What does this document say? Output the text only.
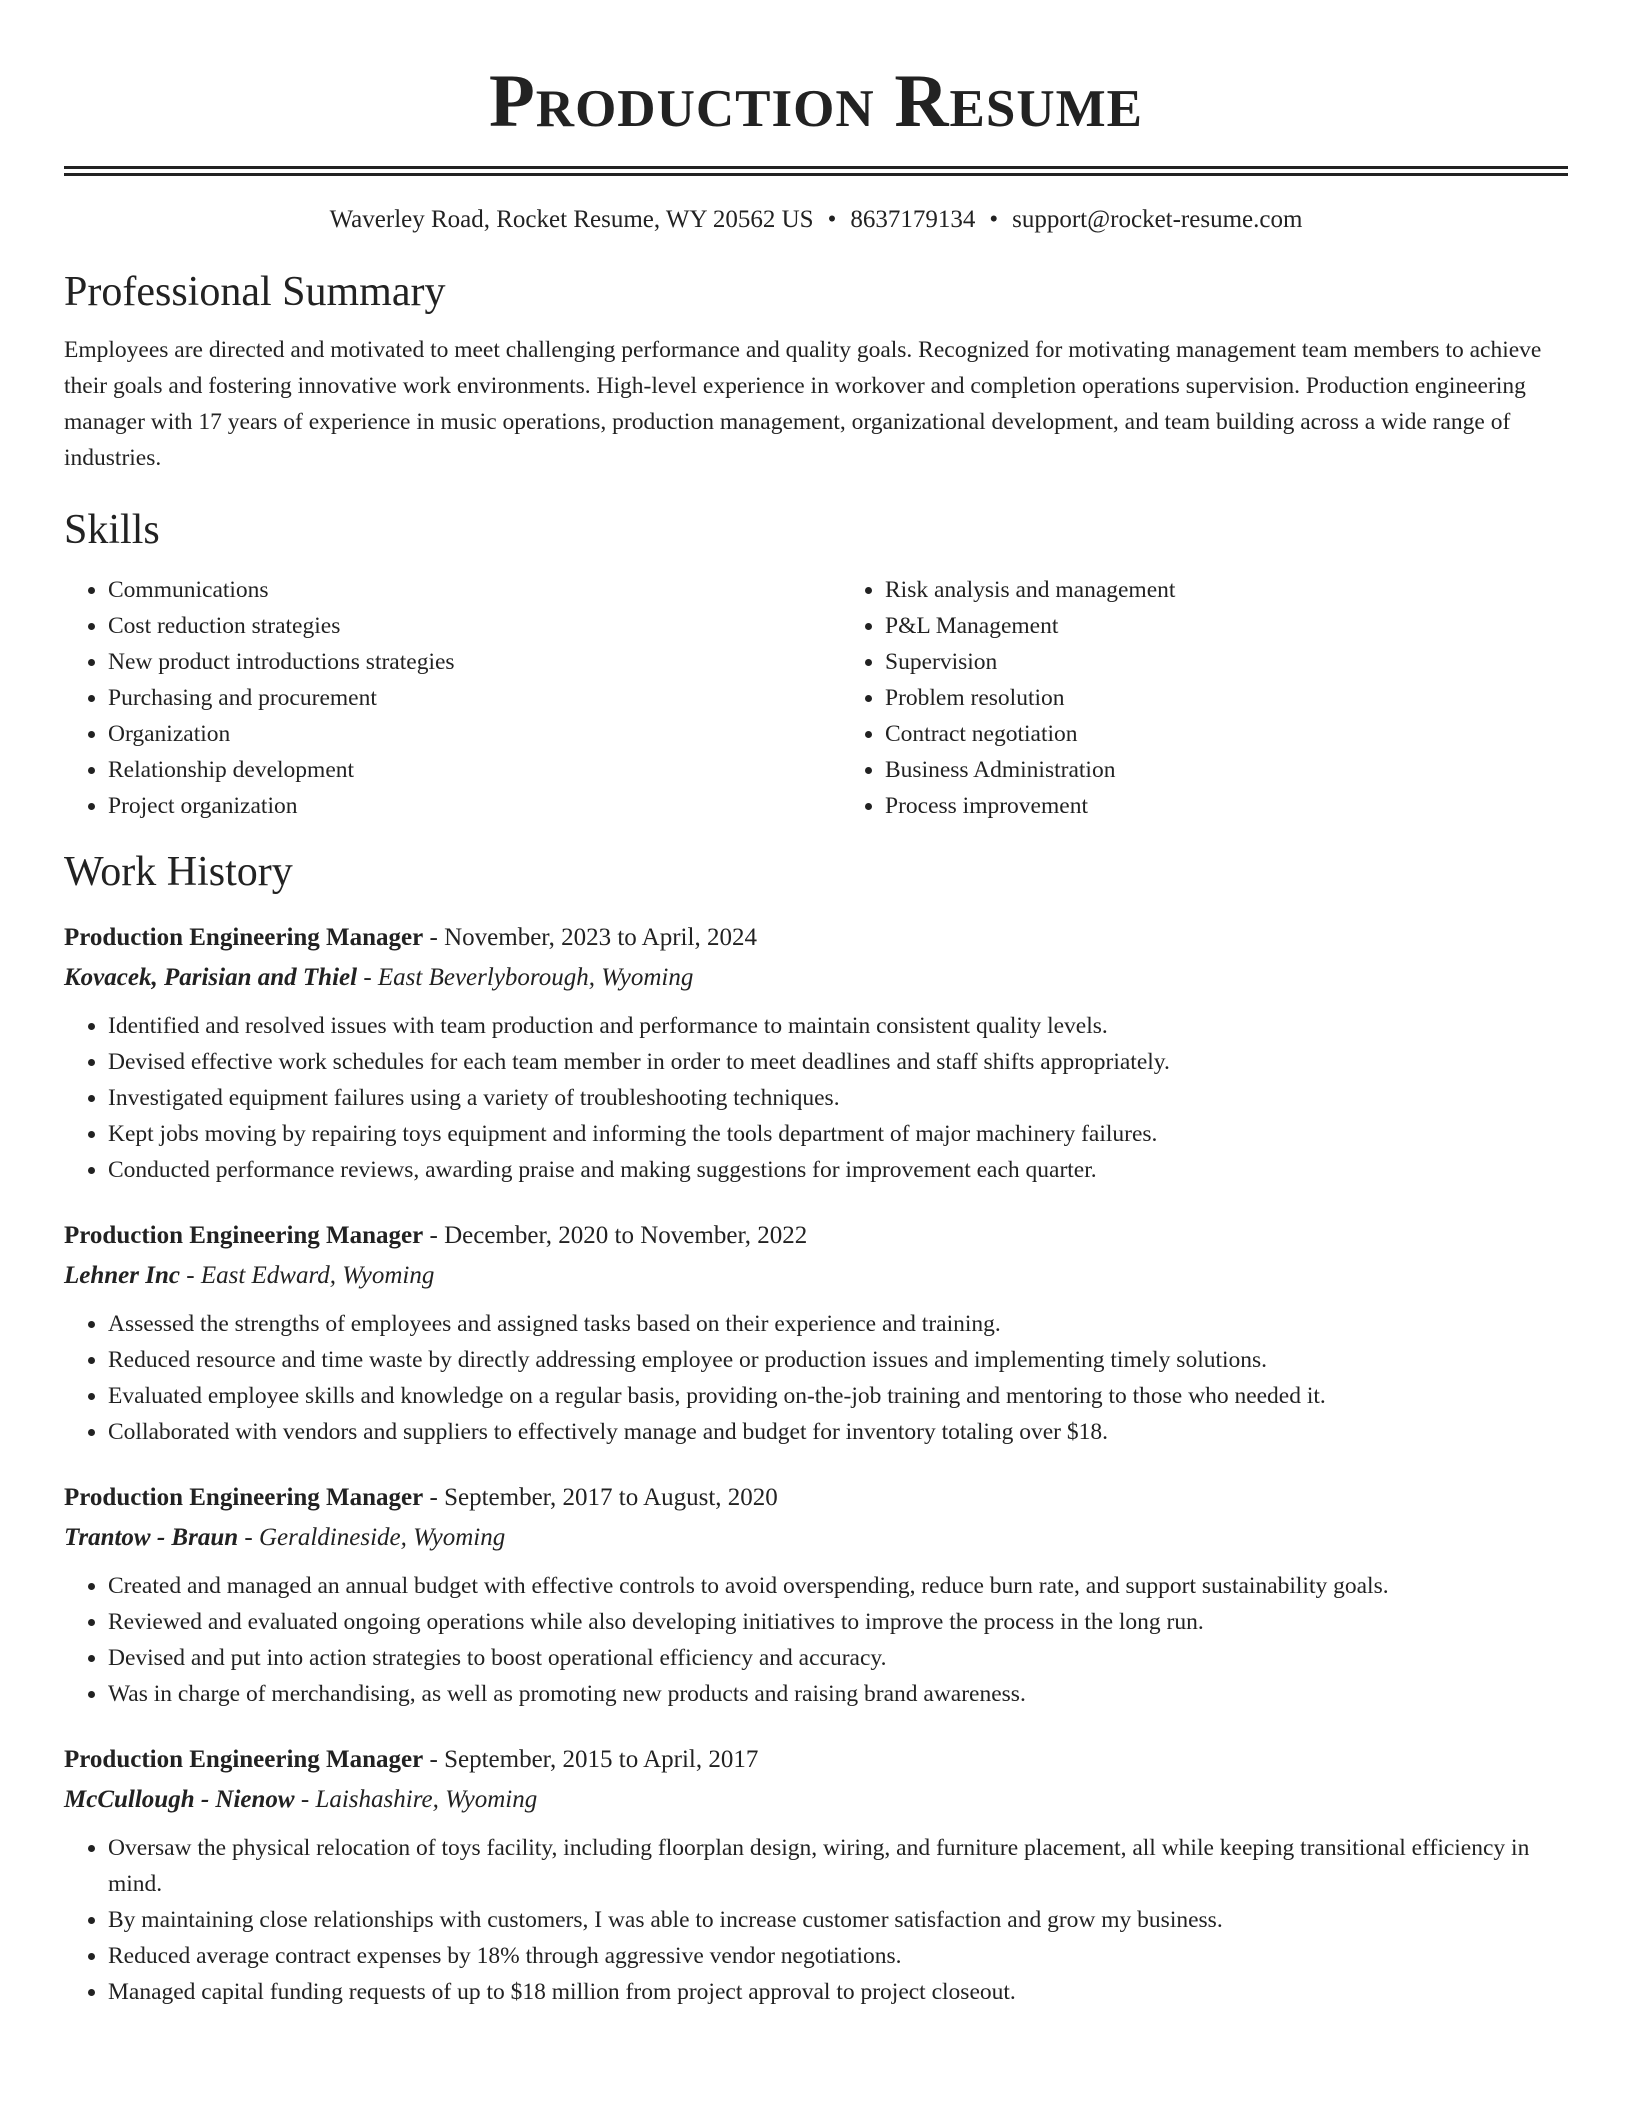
Production Resume
Waverley Road, Rocket Resume, WY 20562 US • 8637179134 • support@rocket-resume.com
Professional Summary

Employees are directed and motivated to meet challenging performance and quality goals. Recognized for motivating management team members to achieve their goals and fostering innovative work environments. High-level experience in workover and completion operations supervision. Production engineering manager with 17 years of experience in music operations, production management, organizational development, and team building across a wide range of industries.

Skills
• Communications
• Cost reduction strategies
• New product introductions strategies
• Purchasing and procurement
• Organization
• Relationship development
• Project organization
• Risk analysis and management
• P&L Management
• Supervision
• Problem resolution
• Contract negotiation
• Business Administration
• Process improvement
Work History
Production Engineering Manager - November, 2023 to April, 2024
Kovacek, Parisian and Thiel - East Beverlyborough, Wyoming
• Identified and resolved issues with team production and performance to maintain consistent quality levels.
• Devised effective work schedules for each team member in order to meet deadlines and staff shifts appropriately.
• Investigated equipment failures using a variety of troubleshooting techniques.
• Kept jobs moving by repairing toys equipment and informing the tools department of major machinery failures.
• Conducted performance reviews, awarding praise and making suggestions for improvement each quarter.
Production Engineering Manager - December, 2020 to November, 2022
Lehner Inc - East Edward, Wyoming
• Assessed the strengths of employees and assigned tasks based on their experience and training.
• Reduced resource and time waste by directly addressing employee or production issues and implementing timely solutions.
• Evaluated employee skills and knowledge on a regular basis, providing on-the-job training and mentoring to those who needed it.
• Collaborated with vendors and suppliers to effectively manage and budget for inventory totaling over $18.
Production Engineering Manager - September, 2017 to August, 2020
Trantow - Braun - Geraldineside, Wyoming
• Created and managed an annual budget with effective controls to avoid overspending, reduce burn rate, and support sustainability goals.
• Reviewed and evaluated ongoing operations while also developing initiatives to improve the process in the long run.
• Devised and put into action strategies to boost operational efficiency and accuracy.
• Was in charge of merchandising, as well as promoting new products and raising brand awareness.
Production Engineering Manager - September, 2015 to April, 2017
McCullough - Nienow - Laishashire, Wyoming
• Oversaw the physical relocation of toys facility, including floorplan design, wiring, and furniture placement, all while keeping transitional efficiency in mind.
• By maintaining close relationships with customers, I was able to increase customer satisfaction and grow my business.
• Reduced average contract expenses by 18% through aggressive vendor negotiations.
• Managed capital funding requests of up to $18 million from project approval to project closeout.
